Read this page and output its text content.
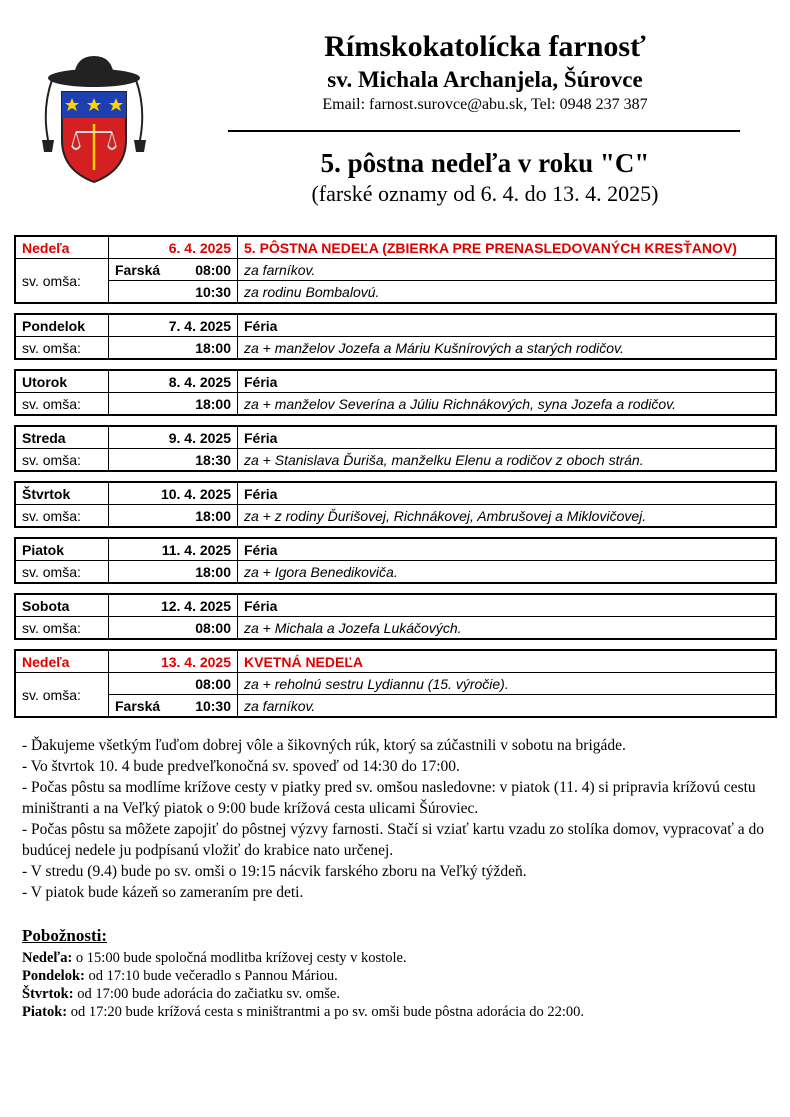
Rímskokatolícka farnosť
sv. Michala Archanjela, Šúrovce
Email: farnost.surovce@abu.sk, Tel: 0948 237 387
5. pôstna nedeľa v roku "C"
(farské oznamy od 6. 4. do 13. 4. 2025)
Nedeľa	6. 4. 2025	5. PÔSTNA NEDEĽA (ZBIERKA PRE PRENASLEDOVANÝCH KRESŤANOV)
sv. omša:	Farská 08:00	za farníkov.

	10:30	za rodinu Bombalovú.
Pondelok	7. 4. 2025	Féria
sv. omša:	18:00	za + manželov Jozefa a Máriu Kušnírových a starých rodičov.
Utorok	8. 4. 2025	Féria
sv. omša:	18:00	za + manželov Severína a Júliu Richnákových, syna Jozefa a rodičov.
Streda	9. 4. 2025	Féria
sv. omša:	18:30	za + Stanislava Ďuriša, manželku Elenu a rodičov z oboch strán.
Štvrtok	10. 4. 2025	Féria
sv. omša:	18:00	za + z rodiny Ďurišovej, Richnákovej, Ambrušovej a Miklovičovej.
Piatok	11. 4. 2025	Féria
sv. omša:	18:00	za + Igora Benedikoviča.
Sobota	12. 4. 2025	Féria
sv. omša:	08:00	za + Michala a Jozefa Lukáčových.
Nedeľa	13. 4. 2025	KVETNÁ NEDEĽA
sv. omša:	08:00	za + reholnú sestru Lydiannu (15. výročie).

	Farská 10:30	za farníkov.

- Ďakujeme všetkým ľuďom dobrej vôle a šikovných rúk, ktorý sa zúčastnili v sobotu na brigáde.

- Vo štvrtok 10. 4 bude predveľkonočná sv. spoveď od 14:30 do 17:00.

- Počas pôstu sa modlíme krížove cesty v piatky pred sv. omšou nasledovne: v piatok (11. 4) si pripravia krížovú cestu miništranti a na Veľký piatok o 9:00 bude krížová cesta ulicami Šúroviec.

- Počas pôstu sa môžete zapojiť do pôstnej výzvy farnosti. Stačí si vziať kartu vzadu zo stolíka domov, vypracovať a do budúcej nedele ju podpísanú vložiť do krabice nato určenej.

- V stredu (9.4) bude po sv. omši o 19:15 nácvik farského zboru na Veľký týždeň.

- V piatok bude kázeň so zameraním pre deti.

Pobožnosti:

Nedeľa: o 15:00 bude spoločná modlitba krížovej cesty v kostole.

Pondelok: od 17:10 bude večeradlo s Pannou Máriou.

Štvrtok: od 17:00 bude adorácia do začiatku sv. omše.

Piatok: od 17:20 bude krížová cesta s miništrantmi a po sv. omši bude pôstna adorácia do 22:00.
